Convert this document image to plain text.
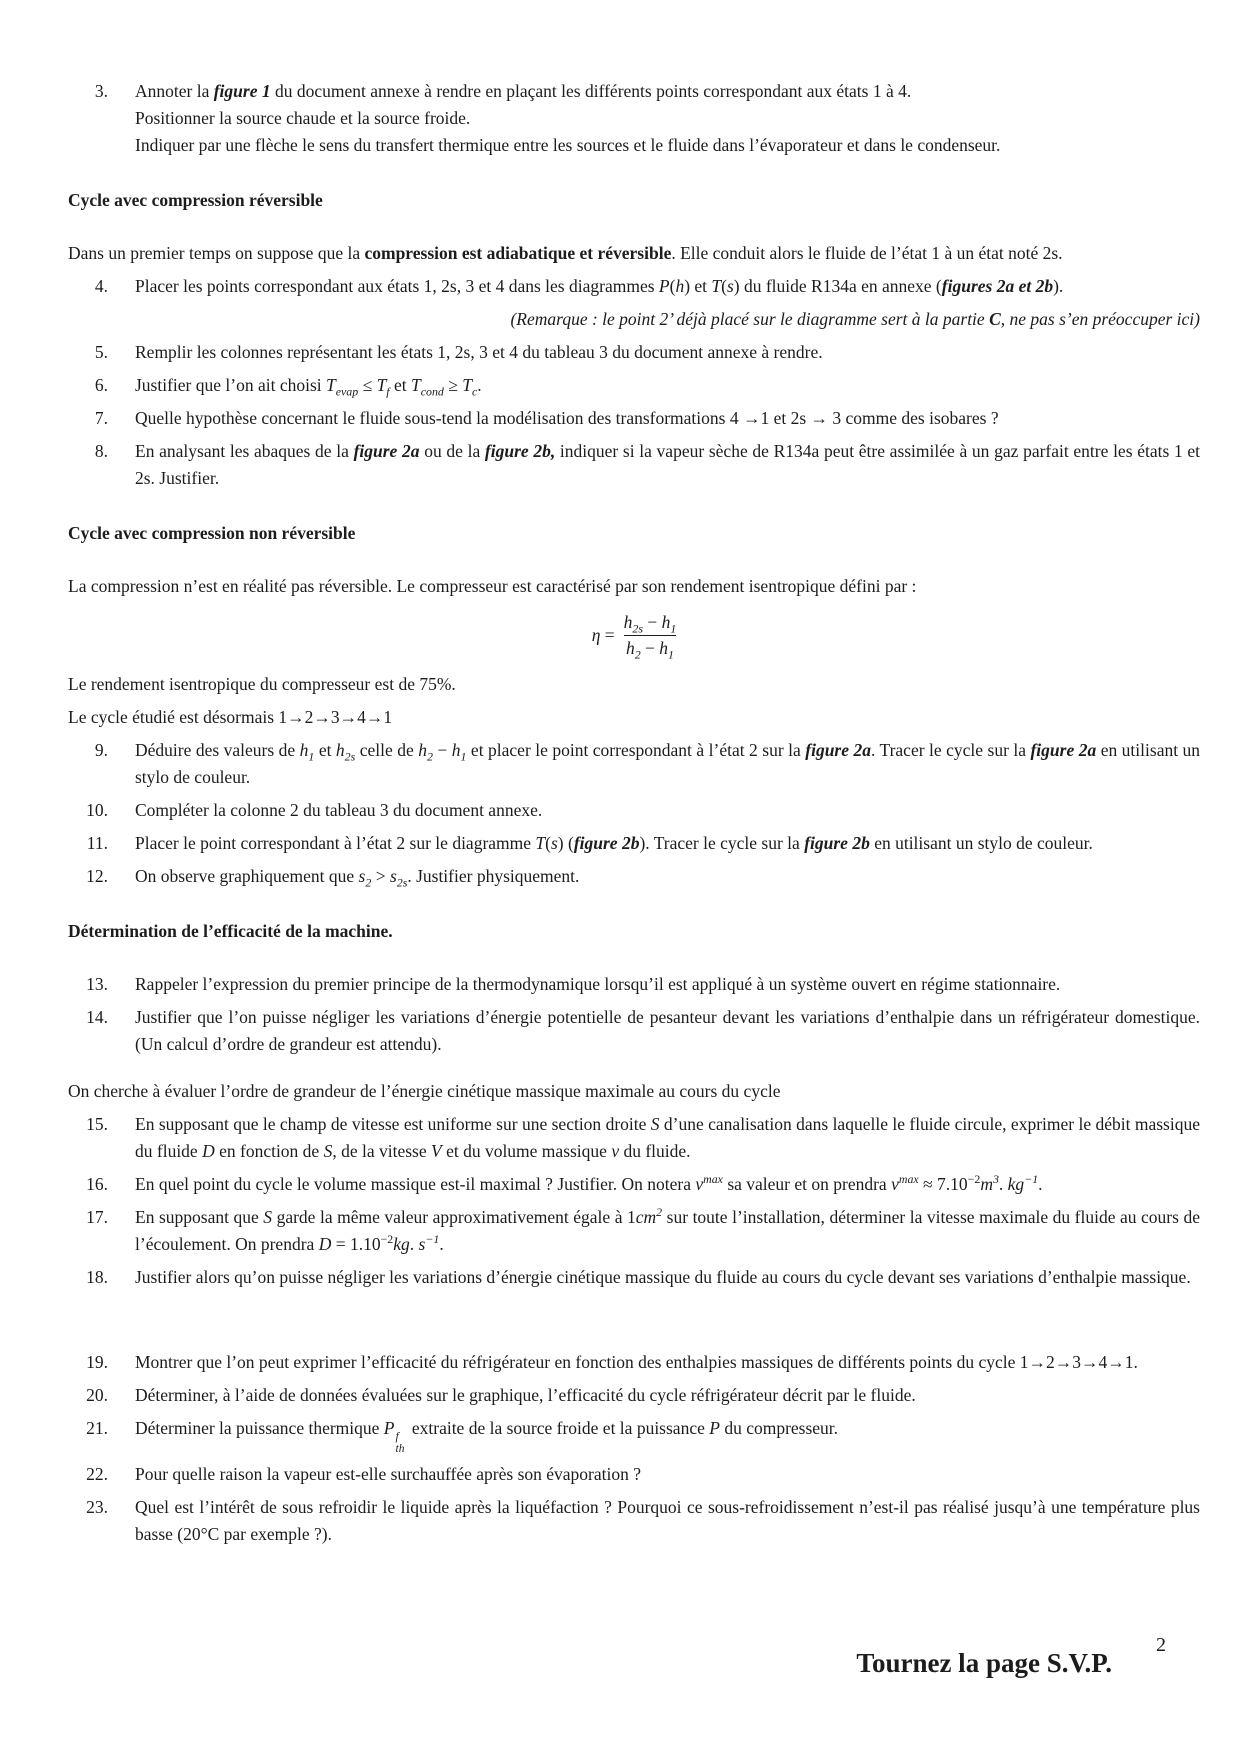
3. Annoter la figure 1 du document annexe à rendre en plaçant les différents points correspondant aux états 1 à 4.
Positionner la source chaude et la source froide.
Indiquer par une flèche le sens du transfert thermique entre les sources et le fluide dans l’évaporateur et dans le condenseur.
Cycle avec compression réversible
Dans un premier temps on suppose que la compression est adiabatique et réversible. Elle conduit alors le fluide de l’état 1 à un état noté 2s.
4. Placer les points correspondant aux états 1, 2s, 3 et 4 dans les diagrammes P(h) et T(s) du fluide R134a en annexe (figures 2a et 2b).
(Remarque : le point 2’ déjà placé sur le diagramme sert à la partie C, ne pas s’en préoccuper ici)
5. Remplir les colonnes représentant les états 1, 2s, 3 et 4 du tableau 3 du document annexe à rendre.
6. Justifier que l’on ait choisi $T_{evap} \le T_f$ et $T_{cond} \ge T_c$.
7. Quelle hypothèse concernant le fluide sous-tend la modélisation des transformations 4 →1 et 2s → 3 comme des isobares ?
8. En analysant les abaques de la figure 2a ou de la figure 2b, indiquer si la vapeur sèche de R134a peut être assimilée à un gaz parfait entre les états 1 et 2s. Justifier.
Cycle avec compression non réversible
La compression n’est en réalité pas réversible. Le compresseur est caractérisé par son rendement isentropique défini par :
$\eta = \frac{h_{2s} - h_1}{h_2 - h_1}$
Le rendement isentropique du compresseur est de 75%.
Le cycle étudié est désormais 1→2→3→4→1
9. Déduire des valeurs de $h_1$ et $h_{2s}$ celle de $h_2 - h_1$ et placer le point correspondant à l’état 2 sur la figure 2a. Tracer le cycle sur la figure 2a en utilisant un stylo de couleur.
10. Compléter la colonne 2 du tableau 3 du document annexe.
11. Placer le point correspondant à l’état 2 sur le diagramme T(s) (figure 2b). Tracer le cycle sur la figure 2b en utilisant un stylo de couleur.
12. On observe graphiquement que $s_2 > s_{2s}$. Justifier physiquement.
Détermination de l’efficacité de la machine.
13. Rappeler l’expression du premier principe de la thermodynamique lorsqu’il est appliqué à un système ouvert en régime stationnaire.
14. Justifier que l’on puisse négliger les variations d’énergie potentielle de pesanteur devant les variations d’enthalpie dans un réfrigérateur domestique. (Un calcul d’ordre de grandeur est attendu).
On cherche à évaluer l’ordre de grandeur de l’énergie cinétique massique maximale au cours du cycle
15. En supposant que le champ de vitesse est uniforme sur une section droite S d’une canalisation dans laquelle le fluide circule, exprimer le débit massique du fluide D en fonction de S, de la vitesse V et du volume massique v du fluide.
16. En quel point du cycle le volume massique est-il maximal ? Justifier. On notera $v^{max}$ sa valeur et on prendra $v^{max} \approx 7.10^{-2}m^3$. $kg^{-1}$.
17. En supposant que S garde la même valeur approximativement égale à $1cm^2$ sur toute l’installation, déterminer la vitesse maximale du fluide au cours de l’écoulement. On prendra $D = 1.10^{-2}kg$. $s^{-1}$.
18. Justifier alors qu’on puisse négliger les variations d’énergie cinétique massique du fluide au cours du cycle devant ses variations d’enthalpie massique.
19. Montrer que l’on peut exprimer l’efficacité du réfrigérateur en fonction des enthalpies massiques de différents points du cycle 1→2→3→4→1.
20. Déterminer, à l’aide de données évaluées sur le graphique, l’efficacité du cycle réfrigérateur décrit par le fluide.
21. Déterminer la puissance thermique P f
th
extraite de la source froide et la puissance P du compresseur.
22. Pour quelle raison la vapeur est-elle surchauffée après son évaporation ?
23. Quel est l’intérêt de sous refroidir le liquide après la liquéfaction ? Pourquoi ce sous-refroidissement n’est-il pas réalisé jusqu’à une température plus basse (20°C par exemple ?).
Tournez la page S.V.P.
2
